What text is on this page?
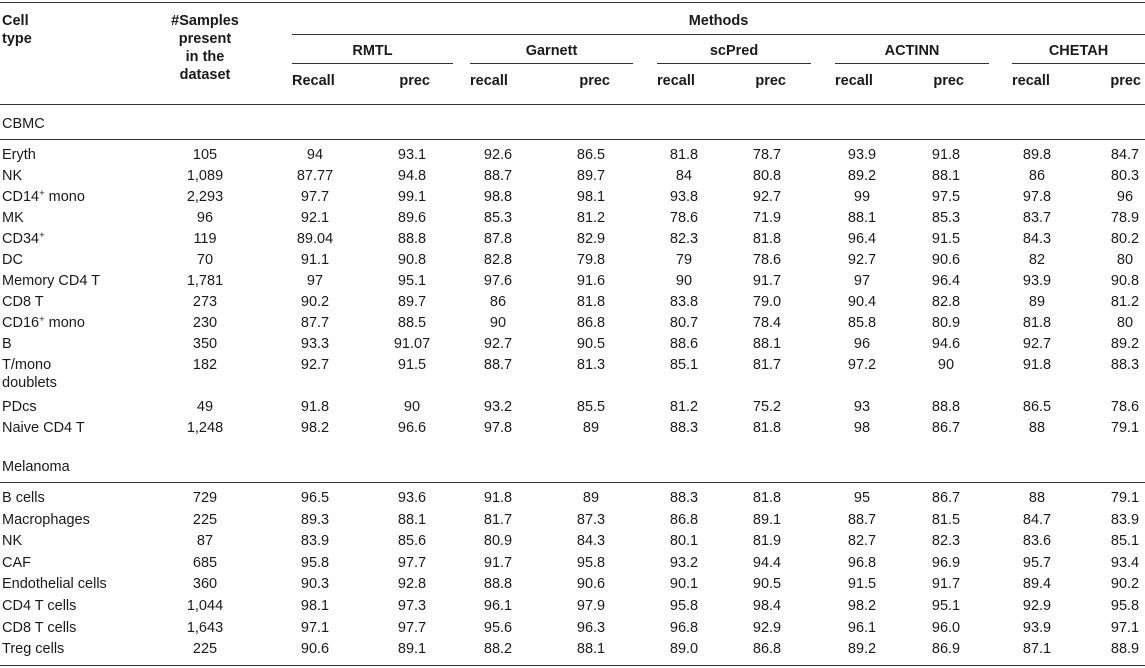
Cell
type
#Samples
present
in the
dataset
Methods
RMTL	Garnett	scPred	ACTINN	CHETAH
Recall	prec	recall	prec	recall	prec	recall	prec	recall	prec
CBMC
Eryth	105	94	93.1	92.6	86.5	81.8	78.7	93.9	91.8	89.8	84.7
NK	1,089	87.77	94.8	88.7	89.7	84	80.8	89.2	88.1	86	80.3
CD14+ mono	2,293	97.7	99.1	98.8	98.1	93.8	92.7	99	97.5	97.8	96
MK	96	92.1	89.6	85.3	81.2	78.6	71.9	88.1	85.3	83.7	78.9
CD34+	119	89.04	88.8	87.8	82.9	82.3	81.8	96.4	91.5	84.3	80.2
DC	70	91.1	90.8	82.8	79.8	79	78.6	92.7	90.6	82	80
Memory CD4 T	1,781	97	95.1	97.6	91.6	90	91.7	97	96.4	93.9	90.8
CD8 T	273	90.2	89.7	86	81.8	83.8	79.0	90.4	82.8	89	81.2
CD16+ mono	230	87.7	88.5	90	86.8	80.7	78.4	85.8	80.9	81.8	80
B	350	93.3	91.07	92.7	90.5	88.6	88.1	96	94.6	92.7	89.2
T/mono
doublets
182	92.7	91.5	88.7	81.3	85.1	81.7	97.2	90	91.8	88.3
PDcs	49	91.8	90	93.2	85.5	81.2	75.2	93	88.8	86.5	78.6
Naive CD4 T	1,248	98.2	96.6	97.8	89	88.3	81.8	98	86.7	88	79.1
Melanoma
B cells	729	96.5	93.6	91.8	89	88.3	81.8	95	86.7	88	79.1
Macrophages	225	89.3	88.1	81.7	87.3	86.8	89.1	88.7	81.5	84.7	83.9
NK	87	83.9	85.6	80.9	84.3	80.1	81.9	82.7	82.3	83.6	85.1
CAF	685	95.8	97.7	91.7	95.8	93.2	94.4	96.8	96.9	95.7	93.4
Endothelial cells	360	90.3	92.8	88.8	90.6	90.1	90.5	91.5	91.7	89.4	90.2
CD4 T cells	1,044	98.1	97.3	96.1	97.9	95.8	98.4	98.2	95.1	92.9	95.8
CD8 T cells	1,643	97.1	97.7	95.6	96.3	96.8	92.9	96.1	96.0	93.9	97.1
Treg cells	225	90.6	89.1	88.2	88.1	89.0	86.8	89.2	86.9	87.1	88.9
